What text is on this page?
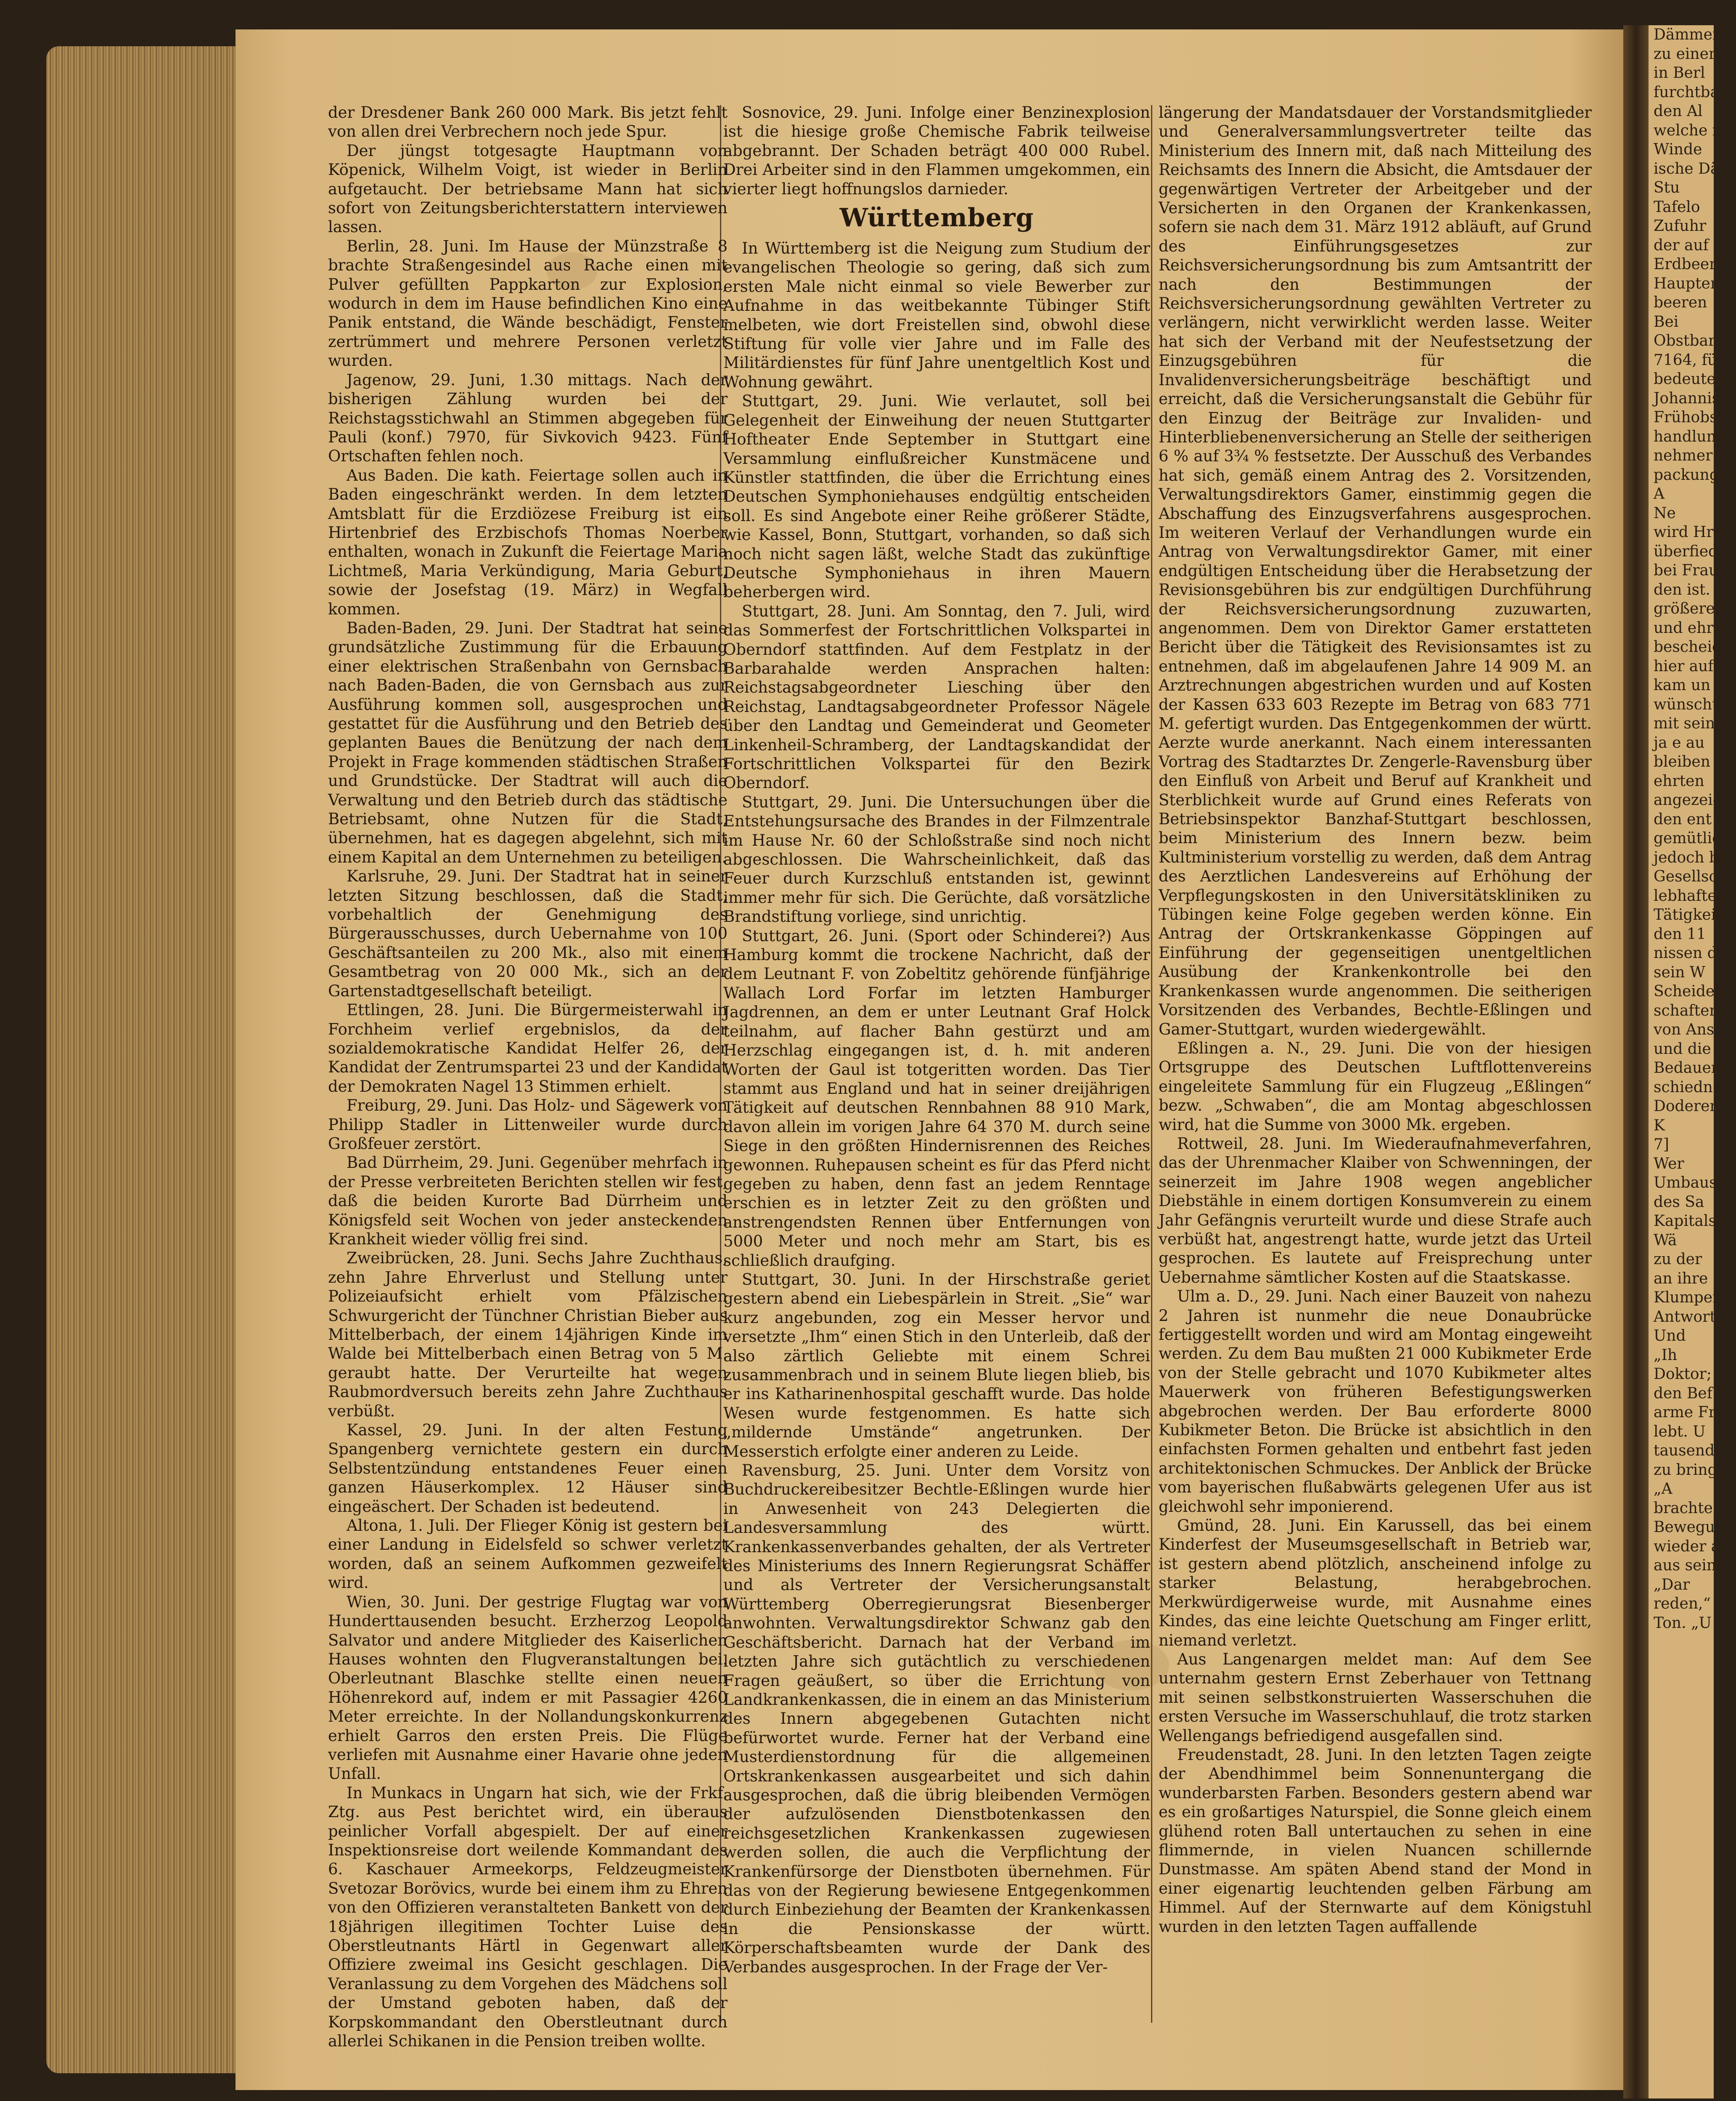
Dämmer
zu einer
in Berl
furchtba
den Al
welche i
Winde
ische Dä
Stu
Tafelo
Zufuhr
der auf
Erdbeer
Haupter
beeren
Bei
Obstbar
7164, für
bedeutend
Johannis
Frühobst
handlung
nehmer
packungsk
A
Ne
wird Hr
überfiede
bei Frau
den ist.
größeren
und ehre
bescheide
hier auf
kam un
wünschte
mit sein
ja e au
bleiben
ehrten
angezeigt
den ent
gemütlich
jedoch be
Gesellsch
lebhafter
Tätigkeit
den 11
nissen de
sein W
Scheiden
schaften,
von Ans
und die
Bedauer
schiedne
Doderer
K
7]
Wer
Umbaus
des Sa
Kapitals
Wä
zu der
an ihre
Klumper
Antwort
Und
„Ih
Doktor;
den Bef
arme Fr
lebt. U
tausende
zu bring
„A
brachte,
Bewegu
wieder a
aus seine
„Dar
reden,“
Ton. „U

der Dresdener Bank 260 000 Mark. Bis jetzt fehlt von allen drei Verbrechern noch jede Spur.

Der jüngst totgesagte Hauptmann von Köpenick, Wilhelm Voigt, ist wieder in Berlin aufgetaucht. Der betriebsame Mann hat sich sofort von Zeitungsberichterstattern interviewen lassen.

Berlin, 28. Juni. Im Hause der Münzstraße 8 brachte Straßengesindel aus Rache einen mit Pulver gefüllten Pappkarton zur Explosion, wodurch in dem im Hause befindlichen Kino eine Panik entstand, die Wände beschädigt, Fenster zertrümmert und mehrere Personen verletzt wurden.

Jagenow, 29. Juni, 1.30 mittags. Nach der bisherigen Zählung wurden bei der Reichstagsstichwahl an Stimmen abgegeben für Pauli (konf.) 7970, für Sivkovich 9423. Fünf Ortschaften fehlen noch.

Aus Baden. Die kath. Feiertage sollen auch in Baden eingeschränkt werden. In dem letzten Amtsblatt für die Erzdiözese Freiburg ist ein Hirtenbrief des Erzbischofs Thomas Noerber enthalten, wonach in Zukunft die Feiertage Maria Lichtmeß, Maria Verkündigung, Maria Geburt, sowie der Josefstag (19. März) in Wegfall kommen.

Baden-Baden, 29. Juni. Der Stadtrat hat seine grundsätzliche Zustimmung für die Erbauung einer elektrischen Straßenbahn von Gernsbach nach Baden-Baden, die von Gernsbach aus zur Ausführung kommen soll, ausgesprochen und gestattet für die Ausführung und den Betrieb des geplanten Baues die Benützung der nach dem Projekt in Frage kommenden städtischen Straßen und Grundstücke. Der Stadtrat will auch die Verwaltung und den Betrieb durch das städtische Betriebsamt, ohne Nutzen für die Stadt, übernehmen, hat es dagegen abgelehnt, sich mit einem Kapital an dem Unternehmen zu beteiligen.

Karlsruhe, 29. Juni. Der Stadtrat hat in seiner letzten Sitzung beschlossen, daß die Stadt, vorbehaltlich der Genehmigung des Bürgerausschusses, durch Uebernahme von 100 Geschäftsanteilen zu 200 Mk., also mit einem Gesamtbetrag von 20 000 Mk., sich an der Gartenstadtgesellschaft beteiligt.

Ettlingen, 28. Juni. Die Bürgermeisterwahl in Forchheim verlief ergebnislos, da der sozialdemokratische Kandidat Helfer 26, der Kandidat der Zentrumspartei 23 und der Kandidat der Demokraten Nagel 13 Stimmen erhielt.

Freiburg, 29. Juni. Das Holz- und Sägewerk von Philipp Stadler in Littenweiler wurde durch Großfeuer zerstört.

Bad Dürrheim, 29. Juni. Gegenüber mehrfach in der Presse verbreiteten Berichten stellen wir fest, daß die beiden Kurorte Bad Dürrheim und Königsfeld seit Wochen von jeder ansteckenden Krankheit wieder völlig frei sind.

Zweibrücken, 28. Juni. Sechs Jahre Zuchthaus, zehn Jahre Ehrverlust und Stellung unter Polizeiaufsicht erhielt vom Pfälzischen Schwurgericht der Tünchner Christian Bieber aus Mittelberbach, der einem 14jährigen Kinde im Walde bei Mittelberbach einen Betrag von 5 M. geraubt hatte. Der Verurteilte hat wegen Raubmordversuch bereits zehn Jahre Zuchthaus verbüßt.

Kassel, 29. Juni. In der alten Festung Spangenberg vernichtete gestern ein durch Selbstentzündung entstandenes Feuer einen ganzen Häuserkomplex. 12 Häuser sind eingeäschert. Der Schaden ist bedeutend.

Altona, 1. Juli. Der Flieger König ist gestern bei einer Landung in Eidelsfeld so schwer verletzt worden, daß an seinem Aufkommen gezweifelt wird.

Wien, 30. Juni. Der gestrige Flugtag war von Hunderttausenden besucht. Erzherzog Leopold Salvator und andere Mitglieder des Kaiserlichen Hauses wohnten den Flugveranstaltungen bei. Oberleutnant Blaschke stellte einen neuen Höhenrekord auf, indem er mit Passagier 4260 Meter erreichte. In der Nollandungskonkurrenz erhielt Garros den ersten Preis. Die Flüge verliefen mit Ausnahme einer Havarie ohne jeden Unfall.

In Munkacs in Ungarn hat sich, wie der Frkf. Ztg. aus Pest berichtet wird, ein überaus peinlicher Vorfall abgespielt. Der auf einer Inspektionsreise dort weilende Kommandant des 6. Kaschauer Armeekorps, Feldzeugmeister Svetozar Borövics, wurde bei einem ihm zu Ehren von den Offizieren veranstalteten Bankett von der 18jährigen illegitimen Tochter Luise des Oberstleutnants Härtl in Gegenwart aller Offiziere zweimal ins Gesicht geschlagen. Die Veranlassung zu dem Vorgehen des Mädchens soll der Umstand geboten haben, daß der Korpskommandant den Oberstleutnant durch allerlei Schikanen in die Pension treiben wollte.

Sosnovice, 29. Juni. Infolge einer Benzinexplosion ist die hiesige große Chemische Fabrik teilweise abgebrannt. Der Schaden beträgt 400 000 Rubel. Drei Arbeiter sind in den Flammen umgekommen, ein vierter liegt hoffnungslos darnieder.

Württemberg

In Württemberg ist die Neigung zum Studium der evangelischen Theologie so gering, daß sich zum ersten Male nicht einmal so viele Bewerber zur Aufnahme in das weitbekannte Tübinger Stift melbeten, wie dort Freistellen sind, obwohl diese Stiftung für volle vier Jahre und im Falle des Militärdienstes für fünf Jahre unentgeltlich Kost und Wohnung gewährt.

Stuttgart, 29. Juni. Wie verlautet, soll bei Gelegenheit der Einweihung der neuen Stuttgarter Hoftheater Ende September in Stuttgart eine Versammlung einflußreicher Kunstmäcene und Künstler stattfinden, die über die Errichtung eines Deutschen Symphoniehauses endgültig entscheiden soll. Es sind Angebote einer Reihe größerer Städte, wie Kassel, Bonn, Stuttgart, vorhanden, so daß sich noch nicht sagen läßt, welche Stadt das zukünftige Deutsche Symphoniehaus in ihren Mauern beherbergen wird.

Stuttgart, 28. Juni. Am Sonntag, den 7. Juli, wird das Sommerfest der Fortschrittlichen Volkspartei in Oberndorf stattfinden. Auf dem Festplatz in der Barbarahalde werden Ansprachen halten: Reichstagsabgeordneter Liesching über den Reichstag, Landtagsabgeordneter Professor Nägele über den Landtag und Gemeinderat und Geometer Linkenheil-Schramberg, der Landtagskandidat der Fortschrittlichen Volkspartei für den Bezirk Oberndorf.

Stuttgart, 29. Juni. Die Untersuchungen über die Entstehungsursache des Brandes in der Filmzentrale im Hause Nr. 60 der Schloßstraße sind noch nicht abgeschlossen. Die Wahrscheinlichkeit, daß das Feuer durch Kurzschluß entstanden ist, gewinnt immer mehr für sich. Die Gerüchte, daß vorsätzliche Brandstiftung vorliege, sind unrichtig.

Stuttgart, 26. Juni. (Sport oder Schinderei?) Aus Hamburg kommt die trockene Nachricht, daß der dem Leutnant F. von Zobeltitz gehörende fünfjährige Wallach Lord Forfar im letzten Hamburger Jagdrennen, an dem er unter Leutnant Graf Holck teilnahm, auf flacher Bahn gestürzt und am Herzschlag eingegangen ist, d. h. mit anderen Worten der Gaul ist totgeritten worden. Das Tier stammt aus England und hat in seiner dreijährigen Tätigkeit auf deutschen Rennbahnen 88 910 Mark, davon allein im vorigen Jahre 64 370 M. durch seine Siege in den größten Hindernisrennen des Reiches gewonnen. Ruhepausen scheint es für das Pferd nicht gegeben zu haben, denn fast an jedem Renntage erschien es in letzter Zeit zu den größten und anstrengendsten Rennen über Entfernungen von 5000 Meter und noch mehr am Start, bis es schließlich draufging.

Stuttgart, 30. Juni. In der Hirschstraße geriet gestern abend ein Liebespärlein in Streit. „Sie“ war kurz angebunden, zog ein Messer hervor und versetzte „Ihm“ einen Stich in den Unterleib, daß der also zärtlich Geliebte mit einem Schrei zusammenbrach und in seinem Blute liegen blieb, bis er ins Katharinenhospital geschafft wurde. Das holde Wesen wurde festgenommen. Es hatte sich „mildernde Umstände“ angetrunken. Der Messerstich erfolgte einer anderen zu Leide.

Ravensburg, 25. Juni. Unter dem Vorsitz von Buchdruckereibesitzer Bechtle-Eßlingen wurde hier in Anwesenheit von 243 Delegierten die Landesversammlung des württ. Krankenkassenverbandes gehalten, der als Vertreter des Ministeriums des Innern Regierungsrat Schäffer und als Vertreter der Versicherungsanstalt Württemberg Oberregierungsrat Biesenberger anwohnten. Verwaltungsdirektor Schwanz gab den Geschäftsbericht. Darnach hat der Verband im letzten Jahre sich gutächtlich zu verschiedenen Fragen geäußert, so über die Errichtung von Landkrankenkassen, die in einem an das Ministerium des Innern abgegebenen Gutachten nicht befürwortet wurde. Ferner hat der Verband eine Musterdienstordnung für die allgemeinen Ortskrankenkassen ausgearbeitet und sich dahin ausgesprochen, daß die übrig bleibenden Vermögen der aufzulösenden Dienstbotenkassen den reichsgesetzlichen Krankenkassen zugewiesen werden sollen, die auch die Verpflichtung der Krankenfürsorge der Dienstboten übernehmen. Für das von der Regierung bewiesene Entgegenkommen durch Einbeziehung der Beamten der Krankenkassen in die Pensionskasse der württ. Körperschaftsbeamten wurde der Dank des Verbandes ausgesprochen. In der Frage der Ver-

längerung der Mandatsdauer der Vorstandsmitglieder und Generalversammlungsvertreter teilte das Ministerium des Innern mit, daß nach Mitteilung des Reichsamts des Innern die Absicht, die Amtsdauer der gegenwärtigen Vertreter der Arbeitgeber und der Versicherten in den Organen der Krankenkassen, sofern sie nach dem 31. März 1912 abläuft, auf Grund des Einführungsgesetzes zur Reichsversicherungsordnung bis zum Amtsantritt der nach den Bestimmungen der Reichsversicherungsordnung gewählten Vertreter zu verlängern, nicht verwirklicht werden lasse. Weiter hat sich der Verband mit der Neufestsetzung der Einzugsgebühren für die Invalidenversicherungsbeiträge beschäftigt und erreicht, daß die Versicherungsanstalt die Gebühr für den Einzug der Beiträge zur Invaliden- und Hinterbliebenenversicherung an Stelle der seitherigen 6 % auf 3¾ % festsetzte. Der Ausschuß des Verbandes hat sich, gemäß einem Antrag des 2. Vorsitzenden, Verwaltungsdirektors Gamer, einstimmig gegen die Abschaffung des Einzugsverfahrens ausgesprochen. Im weiteren Verlauf der Verhandlungen wurde ein Antrag von Verwaltungsdirektor Gamer, mit einer endgültigen Entscheidung über die Herabsetzung der Revisionsgebühren bis zur endgültigen Durchführung der Reichsversicherungsordnung zuzuwarten, angenommen. Dem von Direktor Gamer erstatteten Bericht über die Tätigkeit des Revisionsamtes ist zu entnehmen, daß im abgelaufenen Jahre 14 909 M. an Arztrechnungen abgestrichen wurden und auf Kosten der Kassen 633 603 Rezepte im Betrag von 683 771 M. gefertigt wurden. Das Entgegenkommen der württ. Aerzte wurde anerkannt. Nach einem interessanten Vortrag des Stadtarztes Dr. Zengerle-Ravensburg über den Einfluß von Arbeit und Beruf auf Krankheit und Sterblichkeit wurde auf Grund eines Referats von Betriebsinspektor Banzhaf-Stuttgart beschlossen, beim Ministerium des Innern bezw. beim Kultministerium vorstellig zu werden, daß dem Antrag des Aerztlichen Landesvereins auf Erhöhung der Verpflegungskosten in den Universitätskliniken zu Tübingen keine Folge gegeben werden könne. Ein Antrag der Ortskrankenkasse Göppingen auf Einführung der gegenseitigen unentgeltlichen Ausübung der Krankenkontrolle bei den Krankenkassen wurde angenommen. Die seitherigen Vorsitzenden des Verbandes, Bechtle-Eßlingen und Gamer-Stuttgart, wurden wiedergewählt.

Eßlingen a. N., 29. Juni. Die von der hiesigen Ortsgruppe des Deutschen Luftflottenvereins eingeleitete Sammlung für ein Flugzeug „Eßlingen“ bezw. „Schwaben“, die am Montag abgeschlossen wird, hat die Summe von 3000 Mk. ergeben.

Rottweil, 28. Juni. Im Wiederaufnahmeverfahren, das der Uhrenmacher Klaiber von Schwenningen, der seinerzeit im Jahre 1908 wegen angeblicher Diebstähle in einem dortigen Konsumverein zu einem Jahr Gefängnis verurteilt wurde und diese Strafe auch verbüßt hat, angestrengt hatte, wurde jetzt das Urteil gesprochen. Es lautete auf Freisprechung unter Uebernahme sämtlicher Kosten auf die Staatskasse.

Ulm a. D., 29. Juni. Nach einer Bauzeit von nahezu 2 Jahren ist nunmehr die neue Donaubrücke fertiggestellt worden und wird am Montag eingeweiht werden. Zu dem Bau mußten 21 000 Kubikmeter Erde von der Stelle gebracht und 1070 Kubikmeter altes Mauerwerk von früheren Befestigungswerken abgebrochen werden. Der Bau erforderte 8000 Kubikmeter Beton. Die Brücke ist absichtlich in den einfachsten Formen gehalten und entbehrt fast jeden architektonischen Schmuckes. Der Anblick der Brücke vom bayerischen flußabwärts gelegenen Ufer aus ist gleichwohl sehr imponierend.

Gmünd, 28. Juni. Ein Karussell, das bei einem Kinderfest der Museumsgesellschaft in Betrieb war, ist gestern abend plötzlich, anscheinend infolge zu starker Belastung, herabgebrochen. Merkwürdigerweise wurde, mit Ausnahme eines Kindes, das eine leichte Quetschung am Finger erlitt, niemand verletzt.

Aus Langenargen meldet man: Auf dem See unternahm gestern Ernst Zeberhauer von Tettnang mit seinen selbstkonstruierten Wasserschuhen die ersten Versuche im Wasserschuhlauf, die trotz starken Wellengangs befriedigend ausgefallen sind.

Freudenstadt, 28. Juni. In den letzten Tagen zeigte der Abendhimmel beim Sonnenuntergang die wunderbarsten Farben. Besonders gestern abend war es ein großartiges Naturspiel, die Sonne gleich einem glühend roten Ball untertauchen zu sehen in eine flimmernde, in vielen Nuancen schillernde Dunstmasse. Am späten Abend stand der Mond in einer eigenartig leuchtenden gelben Färbung am Himmel. Auf der Sternwarte auf dem Königstuhl wurden in den letzten Tagen auffallende
